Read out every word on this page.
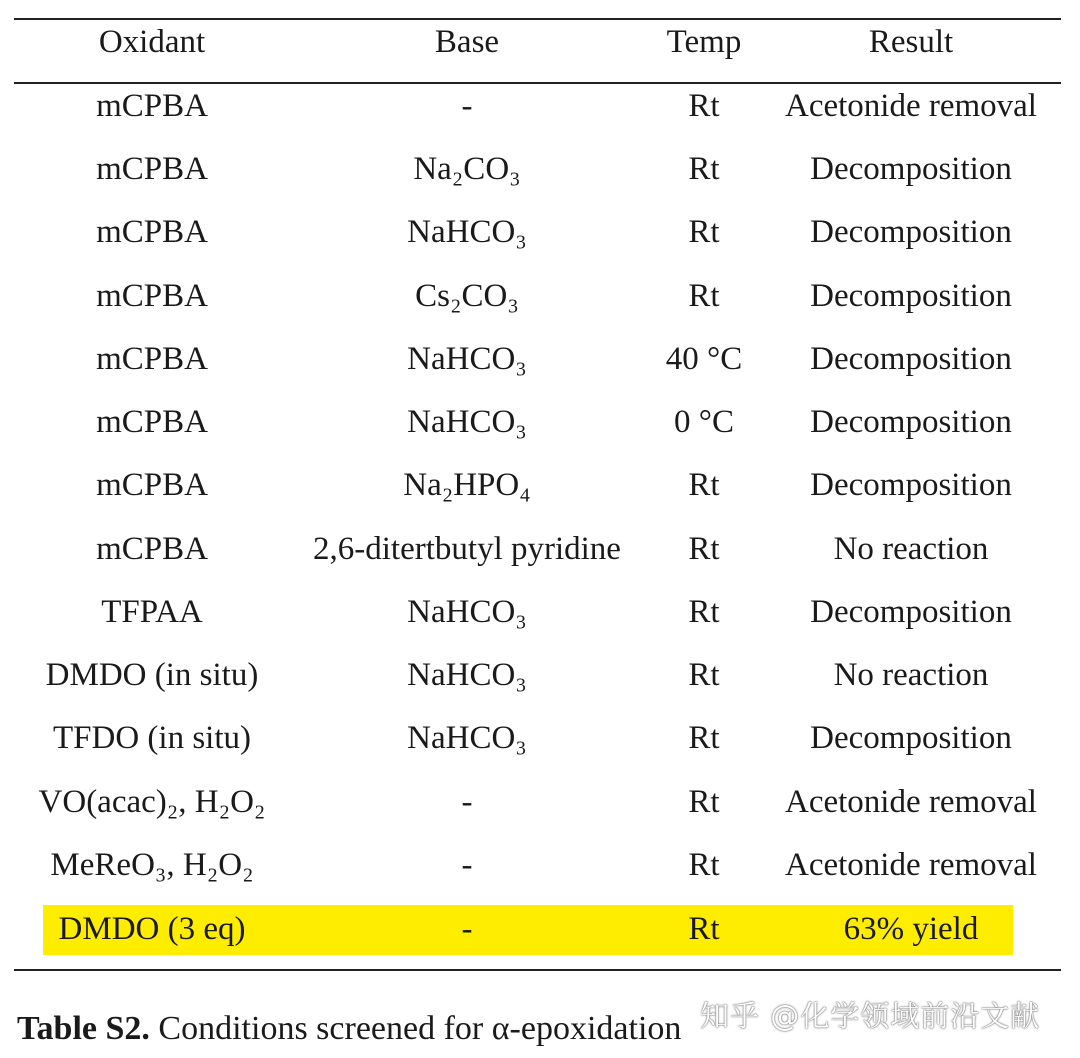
Oxidant	Base	Temp	Result
mCPBA	-	Rt	Acetonide removal
mCPBA	Na₂CO₃	Rt	Decomposition
mCPBA	NaHCO₃	Rt	Decomposition
mCPBA	Cs₂CO₃	Rt	Decomposition
mCPBA	NaHCO₃	40 °C	Decomposition
mCPBA	NaHCO₃	0 °C	Decomposition
mCPBA	Na₂HPO₄	Rt	Decomposition
mCPBA	2,6-ditertbutyl pyridine	Rt	No reaction
TFPAA	NaHCO₃	Rt	Decomposition
DMDO (in situ)	NaHCO₃	Rt	No reaction
TFDO (in situ)	NaHCO₃	Rt	Decomposition
VO(acac)₂, H₂O₂	-	Rt	Acetonide removal
MeReO₃, H₂O₂	-	Rt	Acetonide removal
DMDO (3 eq)	-	Rt	63% yield
知乎 @化学领域前沿文献
Table S2. Conditions screened for α-epoxidation
